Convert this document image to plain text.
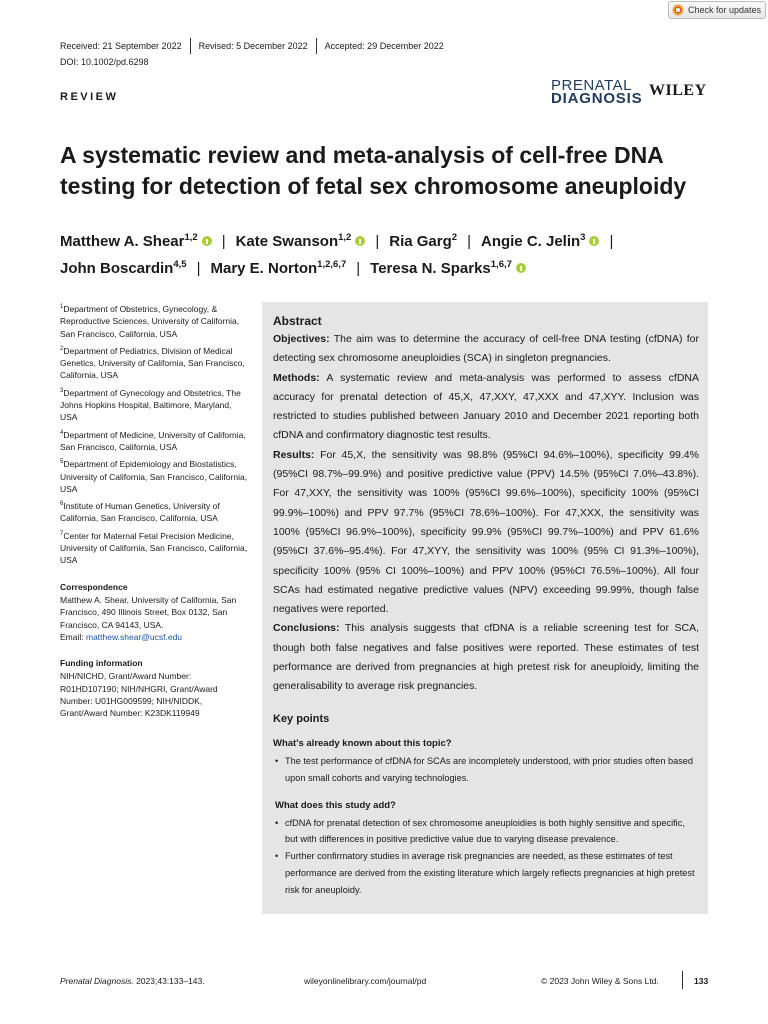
Check for updates
Received: 21 September 2022 Revised: 5 December 2022 Accepted: 29 December 2022
DOI: 10.1002/pd.6298
REVIEW
PRENATAL
DIAGNOSIS WILEY
A systematic review and meta-analysis of cell-free DNA testing for detection of fetal sex chromosome aneuploidy
Matthew A. Shear$^{1,2}$ | Kate Swanson$^{1,2}$ | Ria Garg$^2$ | Angie C. Jelin$^3$ |
John Boscardin$^{4,5}$ | Mary E. Norton$^{1,2,6,7}$ | Teresa N. Sparks$^{1,6,7}$
$^1$Department of Obstetrics, Gynecology, & Reproductive Sciences, University of California, San Francisco, California, USA
$^2$Department of Pediatrics, Division of Medical Genetics, University of California, San Francisco, California, USA
$^3$Department of Gynecology and Obstetrics, The Johns Hopkins Hospital, Baltimore, Maryland, USA
$^4$Department of Medicine, University of California, San Francisco, California, USA
$^5$Department of Epidemiology and Biostatistics, University of California, San Francisco, California, USA
$^6$Institute of Human Genetics, University of California, San Francisco, California, USA
$^7$Center for Maternal Fetal Precision Medicine, University of California, San Francisco, California, USA
Correspondence
Matthew A. Shear, University of California, San Francisco, 490 Illinois Street, Box 0132, San Francisco, CA 94143, USA.
Email: matthew.shear@ucsf.edu
Funding information
NIH/NICHD, Grant/Award Number: R01HD107190; NIH/NHGRI, Grant/Award Number: U01HG009599; NIH/NIDDK, Grant/Award Number: K23DK119949
Abstract
Objectives: The aim was to determine the accuracy of cell-free DNA testing (cfDNA) for detecting sex chromosome aneuploidies (SCA) in singleton pregnancies.
Methods: A systematic review and meta-analysis was performed to assess cfDNA accuracy for prenatal detection of 45,X, 47,XXY, 47,XXX and 47,XYY. Inclusion was restricted to studies published between January 2010 and December 2021 reporting both cfDNA and confirmatory diagnostic test results.
Results: For 45,X, the sensitivity was 98.8% (95%CI 94.6%–100%), specificity 99.4% (95%CI 98.7%–99.9%) and positive predictive value (PPV) 14.5% (95%CI 7.0%–43.8%). For 47,XXY, the sensitivity was 100% (95%CI 99.6%–100%), specificity 100% (95%CI 99.9%–100%) and PPV 97.7% (95%CI 78.6%–100%). For 47,XXX, the sensitivity was 100% (95%CI 96.9%–100%), specificity 99.9% (95%CI 99.7%–100%) and PPV 61.6% (95%CI 37.6%–95.4%). For 47,XYY, the sensitivity was 100% (95% CI 91.3%–100%), specificity 100% (95% CI 100%–100%) and PPV 100% (95%CI 76.5%–100%). All four SCAs had estimated negative predictive values (NPV) exceeding 99.99%, though false negatives were reported.
Conclusions: This analysis suggests that cfDNA is a reliable screening test for SCA, though both false negatives and false positives were reported. These estimates of test performance are derived from pregnancies at high pretest risk for aneuploidy, limiting the generalisability to average risk pregnancies.
Key points
What's already known about this topic?
• The test performance of cfDNA for SCAs are incompletely understood, with prior studies often based upon small cohorts and varying technologies.
What does this study add?
• cfDNA for prenatal detection of sex chromosome aneuploidies is both highly sensitive and specific, but with differences in positive predictive value due to varying disease prevalence.
• Further confirmatory studies in average risk pregnancies are needed, as these estimates of test performance are derived from the existing literature which largely reflects pregnancies at high pretest risk for aneuploidy.
Prenatal Diagnosis. 2023;43:133–143.	wileyonlinelibrary.com/journal/pd	© 2023 John Wiley & Sons Ltd.	133
